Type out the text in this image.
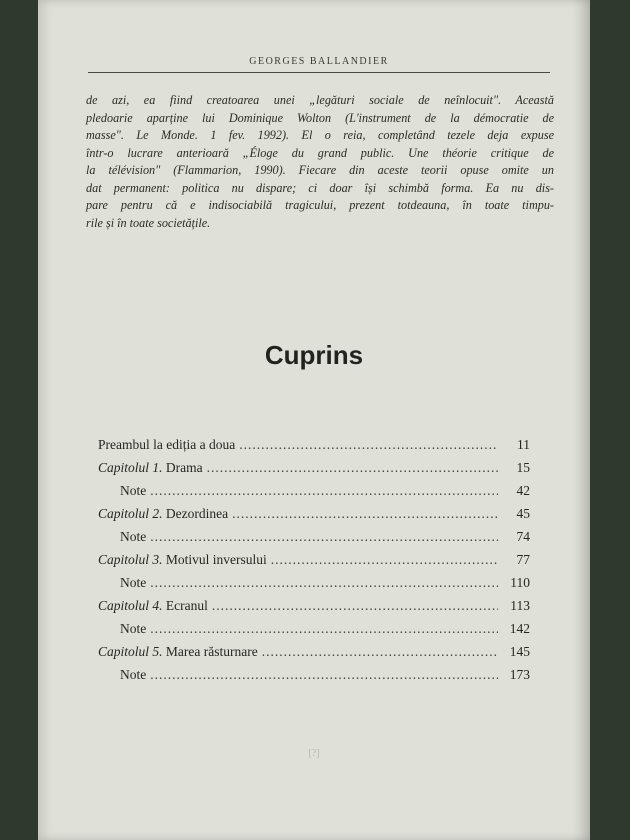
GEORGES BALLANDIER

de azi, ea fiind creatoarea unei „legături sociale de neînlocuit". Această
pledoarie aparține lui Dominique Wolton (L'instrument de la démocratie de
masse". Le Monde. 1 fev. 1992). El o reia, completând tezele deja expuse
într-o lucrare anterioară „Éloge du grand public. Une théorie critique de
la télévision" (Flammarion, 1990). Fiecare din aceste teorii opuse omite un
dat permanent: politica nu dispare; ci doar își schimbă forma. Ea nu dis-
pare pentru că e indisociabilă tragicului, prezent totdeauna, în toate timpu-
rile și în toate societățile.

Cuprins
Preambul la ediția a doua .....	11
Capitolul 1. Drama .....	15
Note .....	42
Capitolul 2. Dezordinea .....	45
Note .....	74
Capitolul 3. Motivul inversului .....	77
Note .....	110
Capitolul 4. Ecranul .....	113
Note .....	142
Capitolul 5. Marea răsturnare .....	145
Note .....	173
[?]
